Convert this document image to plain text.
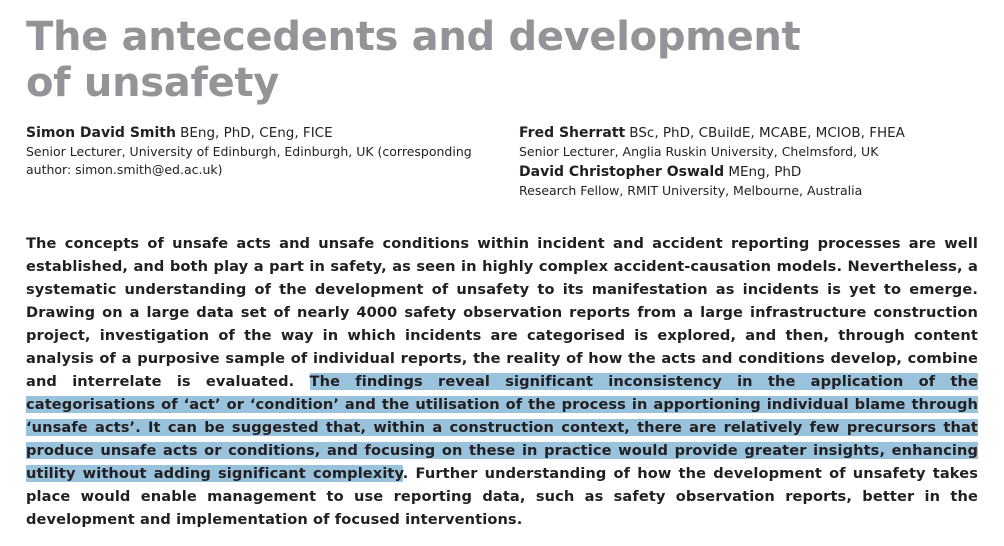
The antecedents and development
of unsafety
Simon David Smith BEng, PhD, CEng, FICE
Senior Lecturer, University of Edinburgh, Edinburgh, UK (corresponding
author: simon.smith@ed.ac.uk)
Fred Sherratt BSc, PhD, CBuildE, MCABE, MCIOB, FHEA
Senior Lecturer, Anglia Ruskin University, Chelmsford, UK
David Christopher Oswald MEng, PhD
Research Fellow, RMIT University, Melbourne, Australia

The concepts of unsafe acts and unsafe conditions within incident and accident reporting processes are well established, and both play a part in safety, as seen in highly complex accident-causation models. Nevertheless, a systematic understanding of the development of unsafety to its manifestation as incidents is yet to emerge. Drawing on a large data set of nearly 4000 safety observation reports from a large infrastructure construction project, investigation of the way in which incidents are categorised is explored, and then, through content analysis of a purposive sample of individual reports, the reality of how the acts and conditions develop, combine and interrelate is evaluated. The findings reveal significant inconsistency in the application of the categorisations of ‘act’ or ‘condition’ and the utilisation of the process in apportioning individual blame through ‘unsafe acts’. It can be suggested that, within a construction context, there are relatively few precursors that produce unsafe acts or conditions, and focusing on these in practice would provide greater insights, enhancing utility without adding significant complexity. Further understanding of how the development of unsafety takes place would enable management to use reporting data, such as safety observation reports, better in the development and implementation of focused interventions.
